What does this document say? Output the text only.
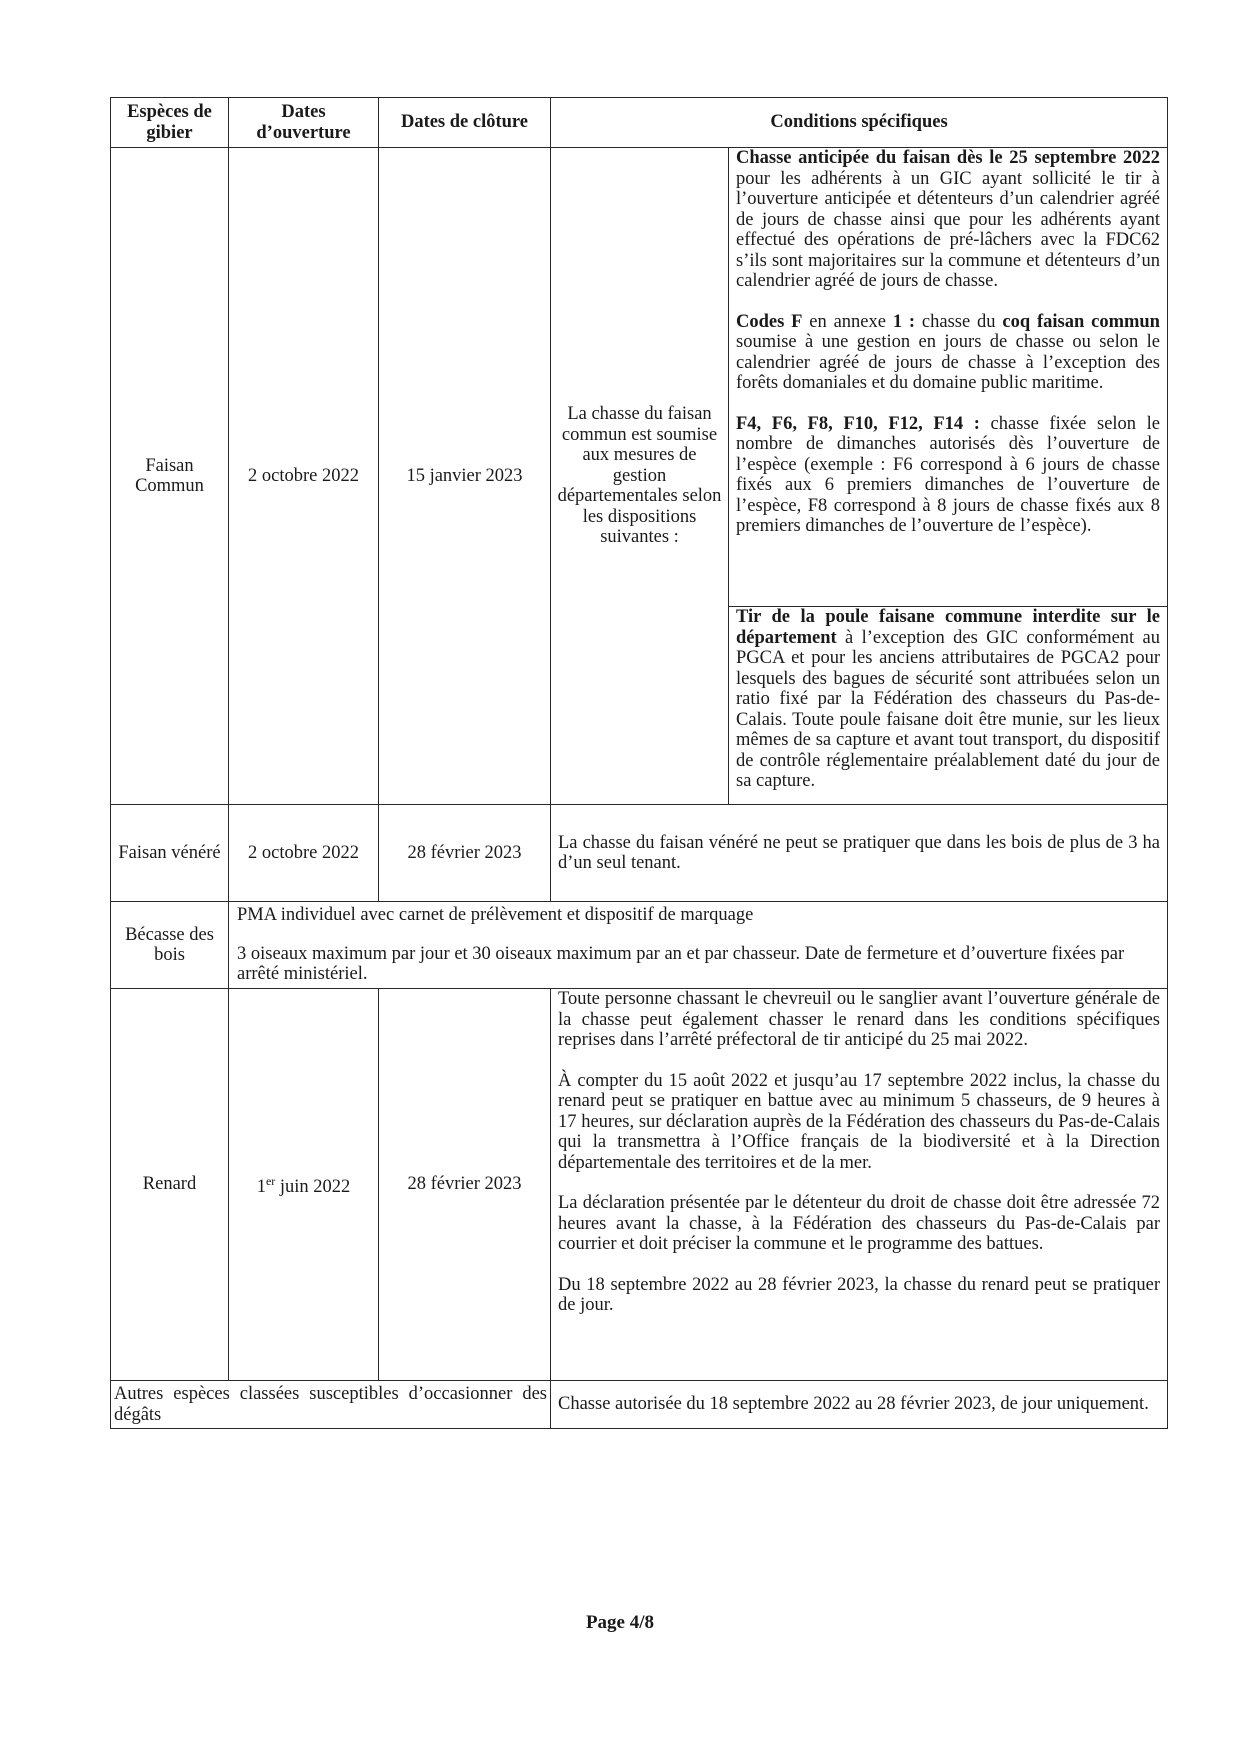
Espèces de gibier	Dates d’ouverture	Dates de clôture	Conditions spécifiques	
Faisan Commun	2 octobre 2022	15 janvier 2023	La chasse du faisan commun est soumise aux mesures de gestion départementales selon les dispositions suivantes :	Chasse anticipée du faisan dès le 25 septembre 2022 pour les adhérents à un GIC ayant sollicité le tir à l’ouverture anticipée et détenteurs d’un calendrier agréé de jours de chasse ainsi que pour les adhérents ayant effectué des opérations de pré-lâchers avec la FDC62 s’ils sont majoritaires sur la commune et détenteurs d’un calendrier agréé de jours de chasse.

Codes F en annexe 1 : chasse du coq faisan commun soumise à une gestion en jours de chasse ou selon le calendrier agréé de jours de chasse à l’exception des forêts domaniales et du domaine public maritime.

F4, F6, F8, F10, F12, F14 : chasse fixée selon le nombre de dimanches autorisés dès l’ouverture de l’espèce (exemple : F6 correspond à 6 jours de chasse fixés aux 6 premiers dimanches de l’ouverture de l’espèce, F8 correspond à 8 jours de chasse fixés aux 8 premiers dimanches de l’ouverture de l’espèce).

				Tir de la poule faisane commune interdite sur le département à l’exception des GIC conformément au PGCA et pour les anciens attributaires de PGCA2 pour lesquels des bagues de sécurité sont attribuées selon un ratio fixé par la Fédération des chasseurs du Pas-de-Calais. Toute poule faisane doit être munie, sur les lieux mêmes de sa capture et avant tout transport, du dispositif de contrôle réglementaire préalablement daté du jour de sa capture.

Faisan vénéré	2 octobre 2022	28 février 2023	La chasse du faisan vénéré ne peut se pratiquer que dans les bois de plus de 3 ha d’un seul tenant.	
Bécasse des bois	PMA individuel avec carnet de prélèvement et dispositif de marquage

3 oiseaux maximum par jour et 30 oiseaux maximum par an et par chasseur. Date de fermeture et d’ouverture fixées par arrêté ministériel.			

Renard	1er juin 2022	28 février 2023	Toute personne chassant le chevreuil ou le sanglier avant l’ouverture générale de la chasse peut également chasser le renard dans les conditions spécifiques reprises dans l’arrêté préfectoral de tir anticipé du 25 mai 2022.

À compter du 15 août 2022 et jusqu’au 17 septembre 2022 inclus, la chasse du renard peut se pratiquer en battue avec au minimum 5 chasseurs, de 9 heures à 17 heures, sur déclaration auprès de la Fédération des chasseurs du Pas-de-Calais qui la transmettra à l’Office français de la biodiversité et à la Direction départementale des territoires et de la mer.

La déclaration présentée par le détenteur du droit de chasse doit être adressée 72 heures avant la chasse, à la Fédération des chasseurs du Pas-de-Calais par courrier et doit préciser la commune et le programme des battues.

Du 18 septembre 2022 au 28 février 2023, la chasse du renard peut se pratiquer de jour.	

Autres espèces classées susceptibles d’occasionner des dégâts			Chasse autorisée du 18 septembre 2022 au 28 février 2023, de jour uniquement.	
Page 4/8
